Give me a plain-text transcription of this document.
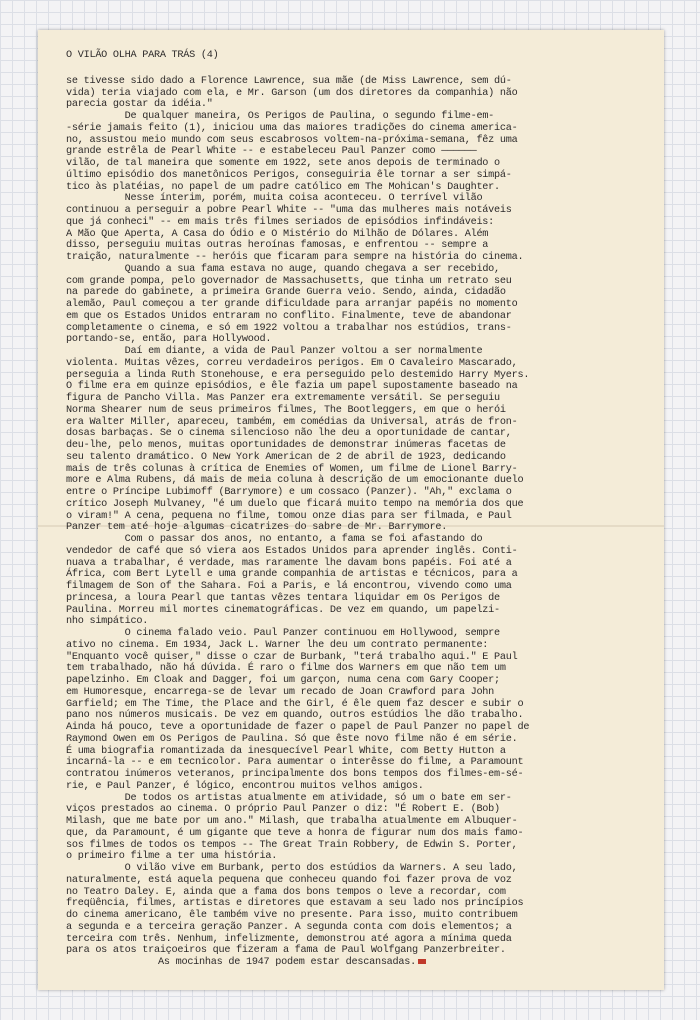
O VILÃO OLHA PARA TRÁS (4)

se tivesse sido dado a Florence Lawrence, sua mãe (de Miss Lawrence, sem dú-
vida) teria viajado com ela, e Mr. Garson (um dos diretores da companhia) não
parecia gostar da idéia."

De qualquer maneira, Os Perigos de Paulina, o segundo filme-em-
-série jamais feito (1), iniciou uma das maiores tradições do cinema america-
no, assustou meio mundo com seus escabrosos voltem-na-próxima-semana, fêz uma
grande estrêla de Pearl White -- e estabeleceu Paul Panzer como ——————
vilão, de tal maneira que somente em 1922, sete anos depois de terminado o
último episódio dos manetônicos Perigos, conseguiria êle tornar a ser simpá-
tico às platéias, no papel de um padre católico em The Mohican's Daughter.

Nesse ínterim, porém, muita coisa aconteceu. O terrível vilão
continuou a perseguir a pobre Pearl White -- "uma das mulheres mais notáveis
que já conheci" -- em mais três filmes seriados de episódios infindáveis:
A Mão Que Aperta, A Casa do Ódio e O Mistério do Milhão de Dólares. Além
disso, perseguiu muitas outras heroínas famosas, e enfrentou -- sempre a
traição, naturalmente -- heróis que ficaram para sempre na história do cinema.

Quando a sua fama estava no auge, quando chegava a ser recebido,
com grande pompa, pelo governador de Massachusetts, que tinha um retrato seu
na parede do gabinete, a primeira Grande Guerra veio. Sendo, ainda, cidadão
alemão, Paul começou a ter grande dificuldade para arranjar papéis no momento
em que os Estados Unidos entraram no conflito. Finalmente, teve de abandonar
completamente o cinema, e só em 1922 voltou a trabalhar nos estúdios, trans-
portando-se, então, para Hollywood.

Daí em diante, a vida de Paul Panzer voltou a ser normalmente
violenta. Muitas vêzes, correu verdadeiros perigos. Em O Cavaleiro Mascarado,
perseguia a linda Ruth Stonehouse, e era perseguido pelo destemido Harry Myers.
O filme era em quinze episódios, e êle fazia um papel supostamente baseado na
figura de Pancho Villa. Mas Panzer era extremamente versátil. Se perseguiu
Norma Shearer num de seus primeiros filmes, The Bootleggers, em que o herói
era Walter Miller, apareceu, também, em comédias da Universal, atrás de fron-
dosas barbaças. Se o cinema silencioso não lhe deu a oportunidade de cantar,
deu-lhe, pelo menos, muitas oportunidades de demonstrar inúmeras facetas de
seu talento dramático. O New York American de 2 de abril de 1923, dedicando
mais de três colunas à crítica de Enemies of Women, um filme de Lionel Barry-
more e Alma Rubens, dá mais de meia coluna à descrição de um emocionante duelo
entre o Príncipe Lubimoff (Barrymore) e um cossaco (Panzer). "Ah," exclama o
crítico Joseph Mulvaney, "é um duelo que ficará muito tempo na memória dos que
o viram!" A cena, pequena no filme, tomou onze dias para ser filmada, e Paul
Panzer tem até hoje algumas cicatrizes do sabre de Mr. Barrymore.

Com o passar dos anos, no entanto, a fama se foi afastando do
vendedor de café que só viera aos Estados Unidos para aprender inglês. Conti-
nuava a trabalhar, é verdade, mas raramente lhe davam bons papéis. Foi até a
África, com Bert Lytell e uma grande companhia de artistas e técnicos, para a
filmagem de Son of the Sahara. Foi a Paris, e lá encontrou, vivendo como uma
princesa, a loura Pearl que tantas vêzes tentara liquidar em Os Perigos de
Paulina. Morreu mil mortes cinematográficas. De vez em quando, um papelzi-
nho simpático.

O cinema falado veio. Paul Panzer continuou em Hollywood, sempre
ativo no cinema. Em 1934, Jack L. Warner lhe deu um contrato permanente:
"Enquanto você quiser," disse o czar de Burbank, "terá trabalho aqui." E Paul
tem trabalhado, não há dúvida. É raro o filme dos Warners em que não tem um
papelzinho. Em Cloak and Dagger, foi um garçon, numa cena com Gary Cooper;
em Humoresque, encarrega-se de levar um recado de Joan Crawford para John
Garfield; em The Time, the Place and the Girl, é êle quem faz descer e subir o
pano nos números musicais. De vez em quando, outros estúdios lhe dão trabalho.
Ainda há pouco, teve a oportunidade de fazer o papel de Paul Panzer no papel de
Raymond Owen em Os Perigos de Paulina. Só que êste novo filme não é em série.
É uma biografia romantizada da inesquecível Pearl White, com Betty Hutton a
incarná-la -- e em tecnicolor. Para aumentar o interêsse do filme, a Paramount
contratou inúmeros veteranos, principalmente dos bons tempos dos filmes-em-sé-
rie, e Paul Panzer, é lógico, encontrou muitos velhos amigos.

De todos os artistas atualmente em atividade, só um o bate em ser-
viços prestados ao cinema. O próprio Paul Panzer o diz: "É Robert E. (Bob)
Milash, que me bate por um ano." Milash, que trabalha atualmente em Albuquer-
que, da Paramount, é um gigante que teve a honra de figurar num dos mais famo-
sos filmes de todos os tempos -- The Great Train Robbery, de Edwin S. Porter,
o primeiro filme a ter uma história.

O vilão vive em Burbank, perto dos estúdios da Warners. A seu lado,
naturalmente, está aquela pequena que conheceu quando foi fazer prova de voz
no Teatro Daley. E, ainda que a fama dos bons tempos o leve a recordar, com
freqüência, filmes, artistas e diretores que estavam a seu lado nos princípios
do cinema americano, êle também vive no presente. Para isso, muito contribuem
a segunda e a terceira geração Panzer. A segunda conta com dois elementos; a
terceira com três. Nenhum, infelizmente, demonstrou até agora a mínima queda
para os atos traiçoeiros que fizeram a fama de Paul Wolfgang Panzerbreiter.

As mocinhas de 1947 podem estar descansadas.
